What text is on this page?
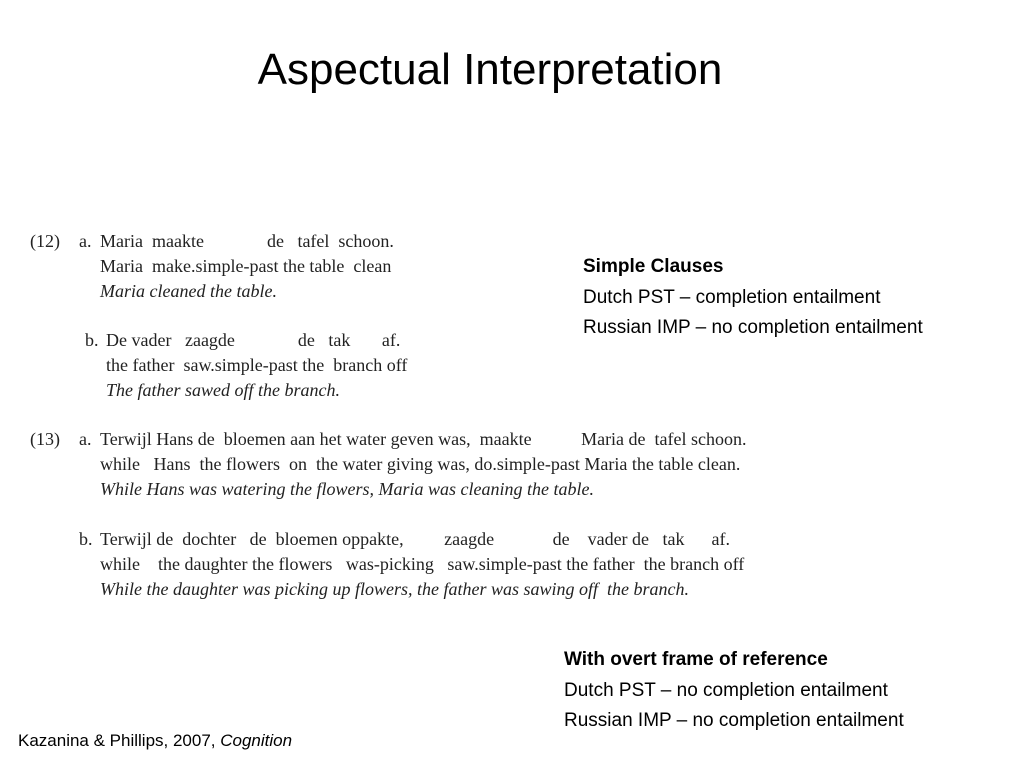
Aspectual Interpretation
(12) a. Maria  maakte              de   tafel  schoon.
Maria  make.simple-past the table  clean
Maria cleaned the table.
b. De vader   zaagde              de   tak       af.
the father  saw.simple-past the  branch off
The father sawed off the branch.
(13) a. Terwijl Hans de  bloemen aan het water geven was,  maakte           Maria de  tafel schoon.
while   Hans  the flowers  on  the water giving was, do.simple-past Maria the table clean.
While Hans was watering the flowers, Maria was cleaning the table.
b. Terwijl de  dochter   de  bloemen oppakte,         zaagde             de    vader de   tak      af.
while    the daughter the flowers   was-picking   saw.simple-past the father  the branch off
While the daughter was picking up flowers, the father was sawing off  the branch.
Simple Clauses
Dutch PST – completion entailment
Russian IMP – no completion entailment
With overt frame of reference
Dutch PST – no completion entailment
Russian IMP – no completion entailment
Kazanina & Phillips, 2007, Cognition
